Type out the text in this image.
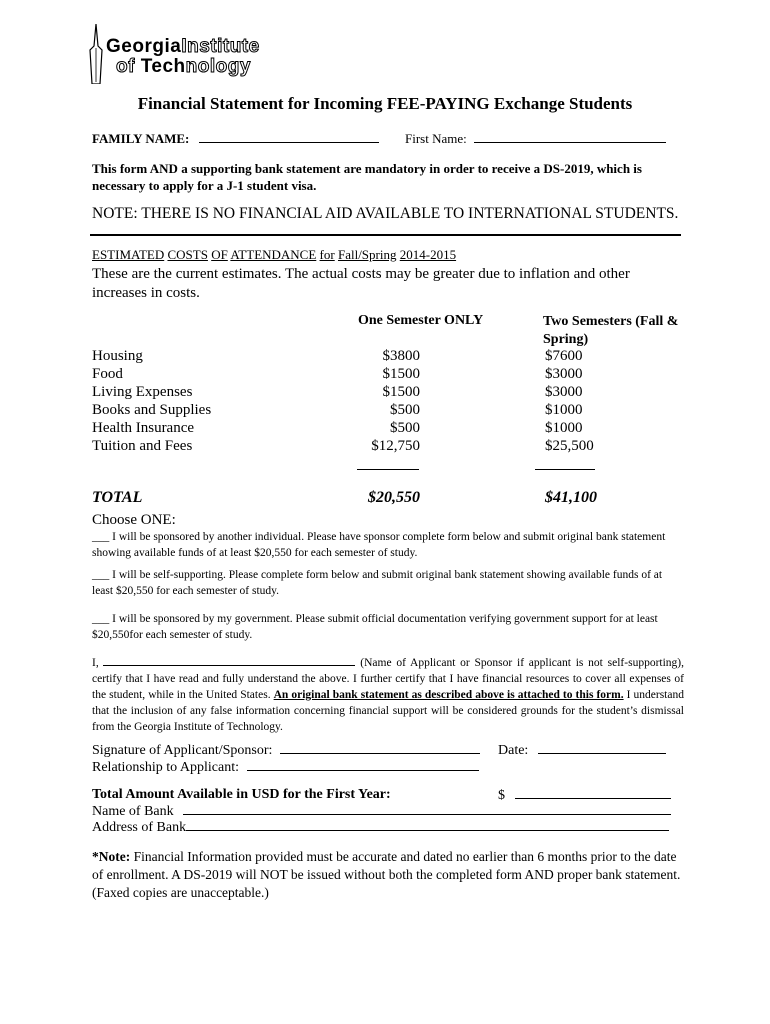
GeorgiaInstitute
of Technology
Financial Statement for Incoming FEE-PAYING Exchange Students
FAMILY NAME:	First Name:
This form AND a supporting bank statement are mandatory in order to receive a DS-2019, which is necessary to apply for a J-1 student visa.
NOTE: THERE IS NO FINANCIAL AID AVAILABLE TO INTERNATIONAL STUDENTS.
ESTIMATED COSTS OF ATTENDANCE for Fall/Spring 2014-2015
These are the current estimates. The actual costs may be greater due to inflation and other increases in costs.
One Semester ONLY	Two Semesters (Fall & Spring)
Housing	$3800	$7600
Food	$1500	$3000
Living Expenses	$1500	$3000
Books and Supplies	$500	$1000
Health Insurance	$500	$1000
Tuition and Fees	$12,750	$25,500
TOTAL	$20,550	$41,100
Choose ONE:
___ I will be sponsored by another individual. Please have sponsor complete form below and submit original bank statement showing available funds of at least $20,550 for each semester of study.
___ I will be self-supporting. Please complete form below and submit original bank statement showing available funds of at least $20,550 for each semester of study.
___ I will be sponsored by my government. Please submit official documentation verifying government support for at least $20,550for each semester of study.
I,	(Name of Applicant or Sponsor if applicant is not self-supporting), certify that I have read and fully understand the above. I further certify that I have financial resources to cover all expenses of the student, while in the United States. An original bank statement as described above is attached to this form. I understand that the inclusion of any false information concerning financial support will be considered grounds for the student’s dismissal from the Georgia Institute of Technology.
Signature of Applicant/Sponsor:	Date:
Relationship to Applicant:
Total Amount Available in USD for the First Year:	$
Name of Bank
Address of Bank
*Note: Financial Information provided must be accurate and dated no earlier than 6 months prior to the date of enrollment. A DS-2019 will NOT be issued without both the completed form AND proper bank statement. (Faxed copies are unacceptable.)
